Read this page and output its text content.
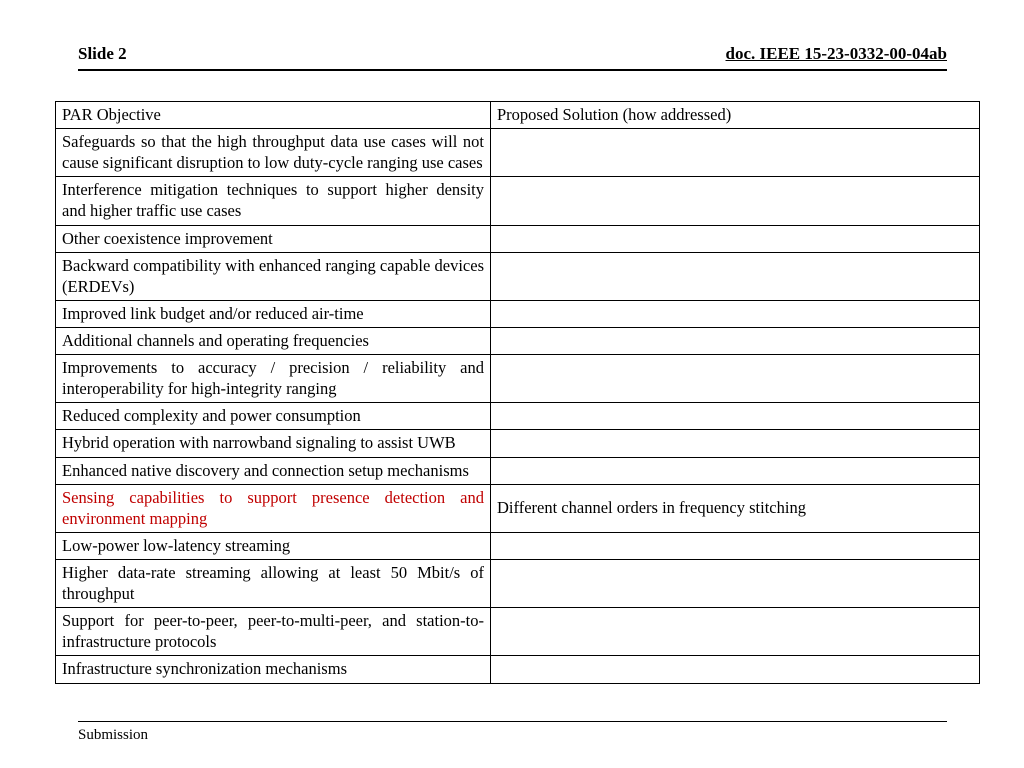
Slide 2	doc. IEEE 15-23-0332-00-04ab
PAR Objective	Proposed Solution (how addressed)
Safeguards so that the high throughput data use cases will not cause significant disruption to low duty-cycle ranging use cases	
Interference mitigation techniques to support higher density and higher traffic use cases	
Other coexistence improvement	
Backward compatibility with enhanced ranging capable devices (ERDEVs)	
Improved link budget and/or reduced air-time	
Additional channels and operating frequencies	
Improvements to accuracy / precision / reliability and interoperability for high-integrity ranging	
Reduced complexity and power consumption	
Hybrid operation with narrowband signaling to assist UWB	
Enhanced native discovery and connection setup mechanisms	
Sensing capabilities to support presence detection and environment mapping	Different channel orders in frequency stitching
Low-power low-latency streaming	
Higher data-rate streaming allowing at least 50 Mbit/s of throughput	
Support for peer-to-peer, peer-to-multi-peer, and station-to-infrastructure protocols	
Infrastructure synchronization mechanisms	
Submission
